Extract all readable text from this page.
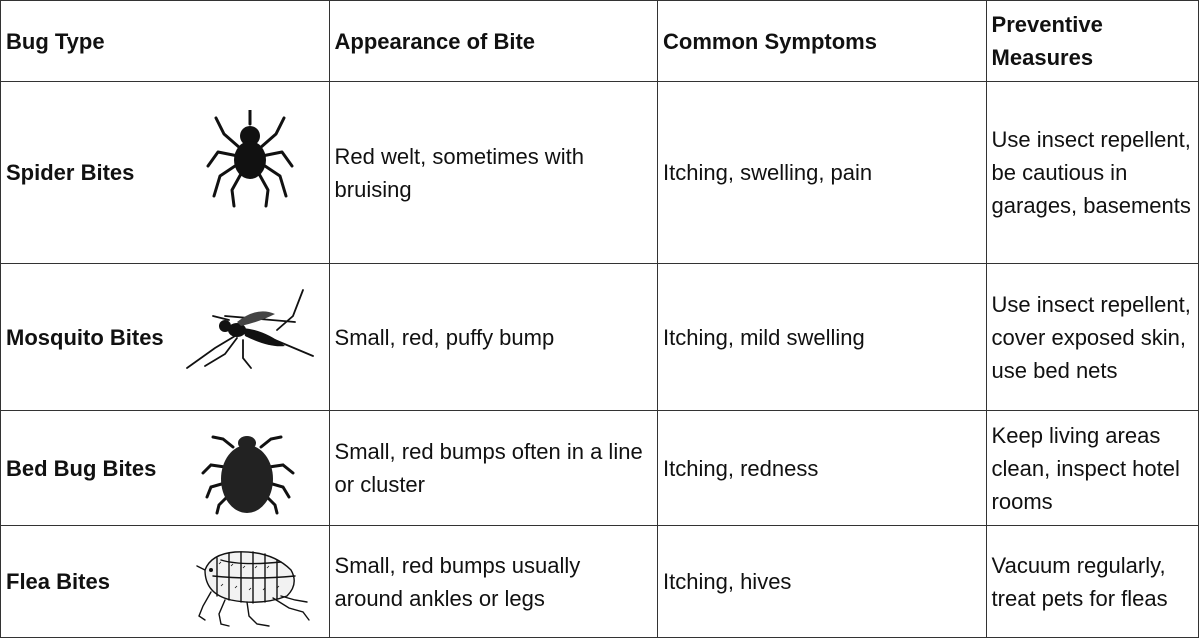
Bug Type	Appearance of Bite	Common Symptoms	Preventive Measures
Spider Bites	Red welt, sometimes with bruising	Itching, swelling, pain	Use insect repellent, be cautious in garages, basements
Mosquito Bites	Small, red, puffy bump	Itching, mild swelling	Use insect repellent, cover exposed skin, use bed nets
Bed Bug Bites	Small, red bumps often in a line or cluster	Itching, redness	Keep living areas clean, inspect hotel rooms
Flea Bites	Small, red bumps usually around ankles or legs	Itching, hives	Vacuum regularly, treat pets for fleas
